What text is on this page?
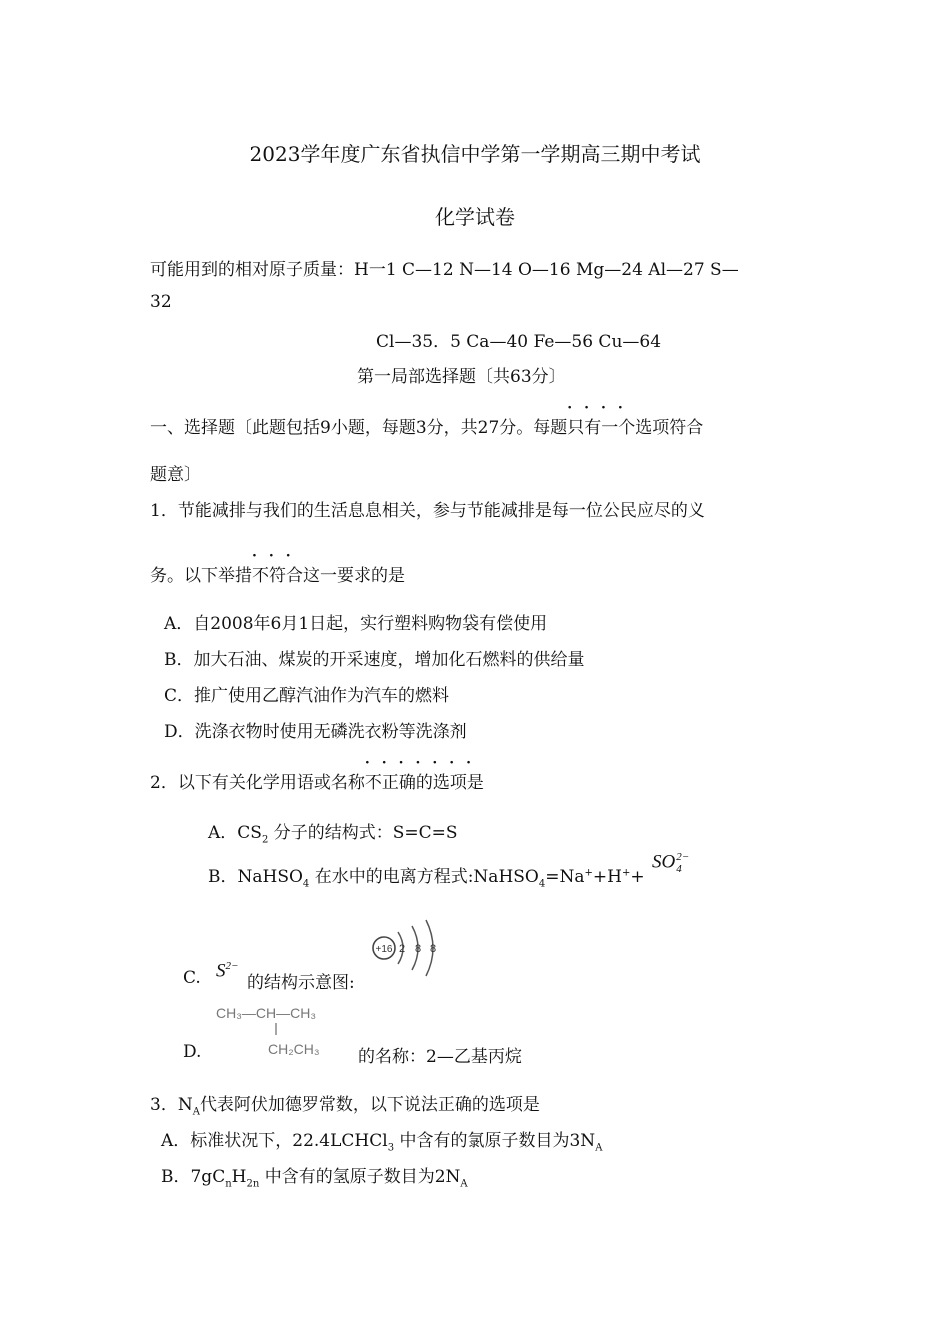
2023学年度广东省执信中学第一学期高三期中考试
化学试卷
可能用到的相对原子质量：H一1 C—12 N—14 O—16 Mg—24 Al—27 S—
32
Cl—35．5 Ca—40 Fe—56 Cu—64
第一局部选择题〔共63分〕
一、选择题〔此题包括9小题，每题3分，共27分。每题
····
只有一个选项符合
题意〕
1．节能减排与我们的生活息息相关，参与节能减排是每一位公民应尽的义
务。以下举措
···
不符合这一要求的是
A．自2008年6月1日起，实行塑料购物袋有偿使用
B．加大石油、煤炭的开采速度，增加化石燃料的供给量
C．推广使用乙醇汽油作为汽车的燃料
D．洗涤衣物时使用无磷洗衣粉等洗涤剂
2．以下有关化学用语或名称
·······
不正确的选项是
A．$CS_2$ 分子的结构式：S=C=S
B．NaHSO$_4$ 在水中的电离方程式:NaHSO$_4$=Na++H++
SO 2−
4
C. $S^{2-}$
的结构示意图:
+16 2 8 8
CH₃—CH—CH₃
CH₂CH₃
D.	的名称：2—乙基丙烷
3．$N_A$代表阿伏加德罗常数，以下说法正确的选项是
A．标准状况下，22.4LCHCl$_3$ 中含有的氯原子数目为$3N_A$
B．$7gC_nH_{2n}$ 中含有的氢原子数目为$2N_A$
